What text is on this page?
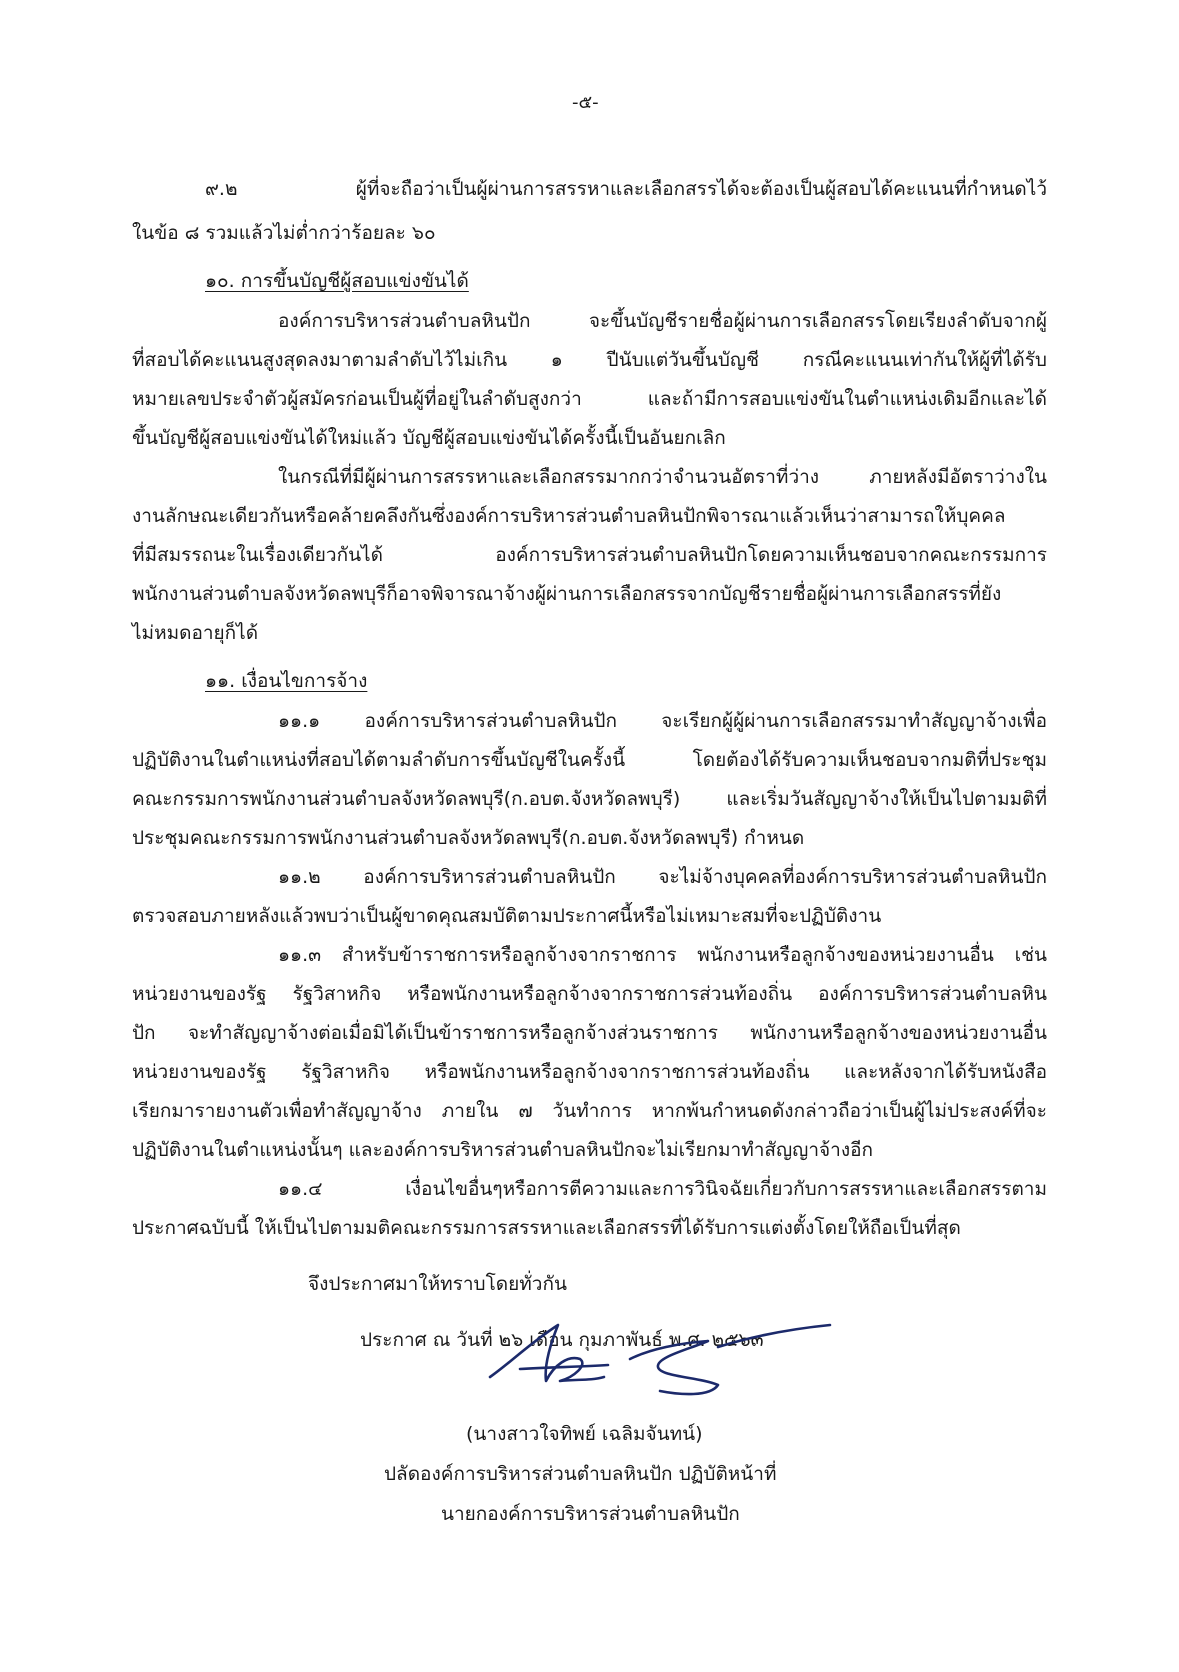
-๕-
๙.๒ ผู้ที่จะถือว่าเป็นผู้ผ่านการสรรหาและเลือกสรรได้จะต้องเป็นผู้สอบได้คะแนนที่กำหนดไว้
ในข้อ ๘ รวมแล้วไม่ต่ำกว่าร้อยละ ๖๐
๑๐. การขึ้นบัญชีผู้สอบแข่งขันได้
องค์การบริหารส่วนตำบลหินปัก จะขึ้นบัญชีรายชื่อผู้ผ่านการเลือกสรรโดยเรียงลำดับจากผู้
ที่สอบได้คะแนนสูงสุดลงมาตามลำดับไว้ไม่เกิน ๑ ปีนับแต่วันขึ้นบัญชี กรณีคะแนนเท่ากันให้ผู้ที่ได้รับ
หมายเลขประจำตัวผู้สมัครก่อนเป็นผู้ที่อยู่ในลำดับสูงกว่า และถ้ามีการสอบแข่งขันในตำแหน่งเดิมอีกและได้
ขึ้นบัญชีผู้สอบแข่งขันได้ใหม่แล้ว บัญชีผู้สอบแข่งขันได้ครั้งนี้เป็นอันยกเลิก
ในกรณีที่มีผู้ผ่านการสรรหาและเลือกสรรมากกว่าจำนวนอัตราที่ว่าง ภายหลังมีอัตราว่างใน
งานลักษณะเดียวกันหรือคล้ายคลึงกันซึ่งองค์การบริหารส่วนตำบลหินปักพิจารณาแล้วเห็นว่าสามารถให้บุคคล
ที่มีสมรรถนะในเรื่องเดียวกันได้ องค์การบริหารส่วนตำบลหินปักโดยความเห็นชอบจากคณะกรรมการ
พนักงานส่วนตำบลจังหวัดลพบุรีก็อาจพิจารณาจ้างผู้ผ่านการเลือกสรรจากบัญชีรายชื่อผู้ผ่านการเลือกสรรที่ยัง
ไม่หมดอายุก็ได้
๑๑. เงื่อนไขการจ้าง
๑๑.๑ องค์การบริหารส่วนตำบลหินปัก จะเรียกผู้ผู้ผ่านการเลือกสรรมาทำสัญญาจ้างเพื่อ
ปฏิบัติงานในตำแหน่งที่สอบได้ตามลำดับการขึ้นบัญชีในครั้งนี้ โดยต้องได้รับความเห็นชอบจากมติที่ประชุม
คณะกรรมการพนักงานส่วนตำบลจังหวัดลพบุรี(ก.อบต.จังหวัดลพบุรี) และเริ่มวันสัญญาจ้างให้เป็นไปตามมติที่
ประชุมคณะกรรมการพนักงานส่วนตำบลจังหวัดลพบุรี(ก.อบต.จังหวัดลพบุรี) กำหนด
๑๑.๒ องค์การบริหารส่วนตำบลหินปัก จะไม่จ้างบุคคลที่องค์การบริหารส่วนตำบลหินปัก
ตรวจสอบภายหลังแล้วพบว่าเป็นผู้ขาดคุณสมบัติตามประกาศนี้หรือไม่เหมาะสมที่จะปฏิบัติงาน
๑๑.๓ สำหรับข้าราชการหรือลูกจ้างจากราชการ พนักงานหรือลูกจ้างของหน่วยงานอื่น เช่น
หน่วยงานของรัฐ รัฐวิสาหกิจ หรือพนักงานหรือลูกจ้างจากราชการส่วนท้องถิ่น องค์การบริหารส่วนตำบลหิน
ปัก จะทำสัญญาจ้างต่อเมื่อมิได้เป็นข้าราชการหรือลูกจ้างส่วนราชการ พนักงานหรือลูกจ้างของหน่วยงานอื่น
หน่วยงานของรัฐ รัฐวิสาหกิจ หรือพนักงานหรือลูกจ้างจากราชการส่วนท้องถิ่น และหลังจากได้รับหนังสือ
เรียกมารายงานตัวเพื่อทำสัญญาจ้าง ภายใน ๗ วันทำการ หากพ้นกำหนดดังกล่าวถือว่าเป็นผู้ไม่ประสงค์ที่จะ
ปฏิบัติงานในตำแหน่งนั้นๆ และองค์การบริหารส่วนตำบลหินปักจะไม่เรียกมาทำสัญญาจ้างอีก
๑๑.๔ เงื่อนไขอื่นๆหรือการตีความและการวินิจฉัยเกี่ยวกับการสรรหาและเลือกสรรตาม
ประกาศฉบับนี้ ให้เป็นไปตามมติคณะกรรมการสรรหาและเลือกสรรที่ได้รับการแต่งตั้งโดยให้ถือเป็นที่สุด
จึงประกาศมาให้ทราบโดยทั่วกัน
ประกาศ ณ วันที่ ๒๖ เดือน กุมภาพันธ์ พ.ศ. ๒๕๖๓
(นางสาวใจทิพย์ เฉลิมจันทน์)
ปลัดองค์การบริหารส่วนตำบลหินปัก ปฏิบัติหน้าที่
นายกองค์การบริหารส่วนตำบลหินปัก
